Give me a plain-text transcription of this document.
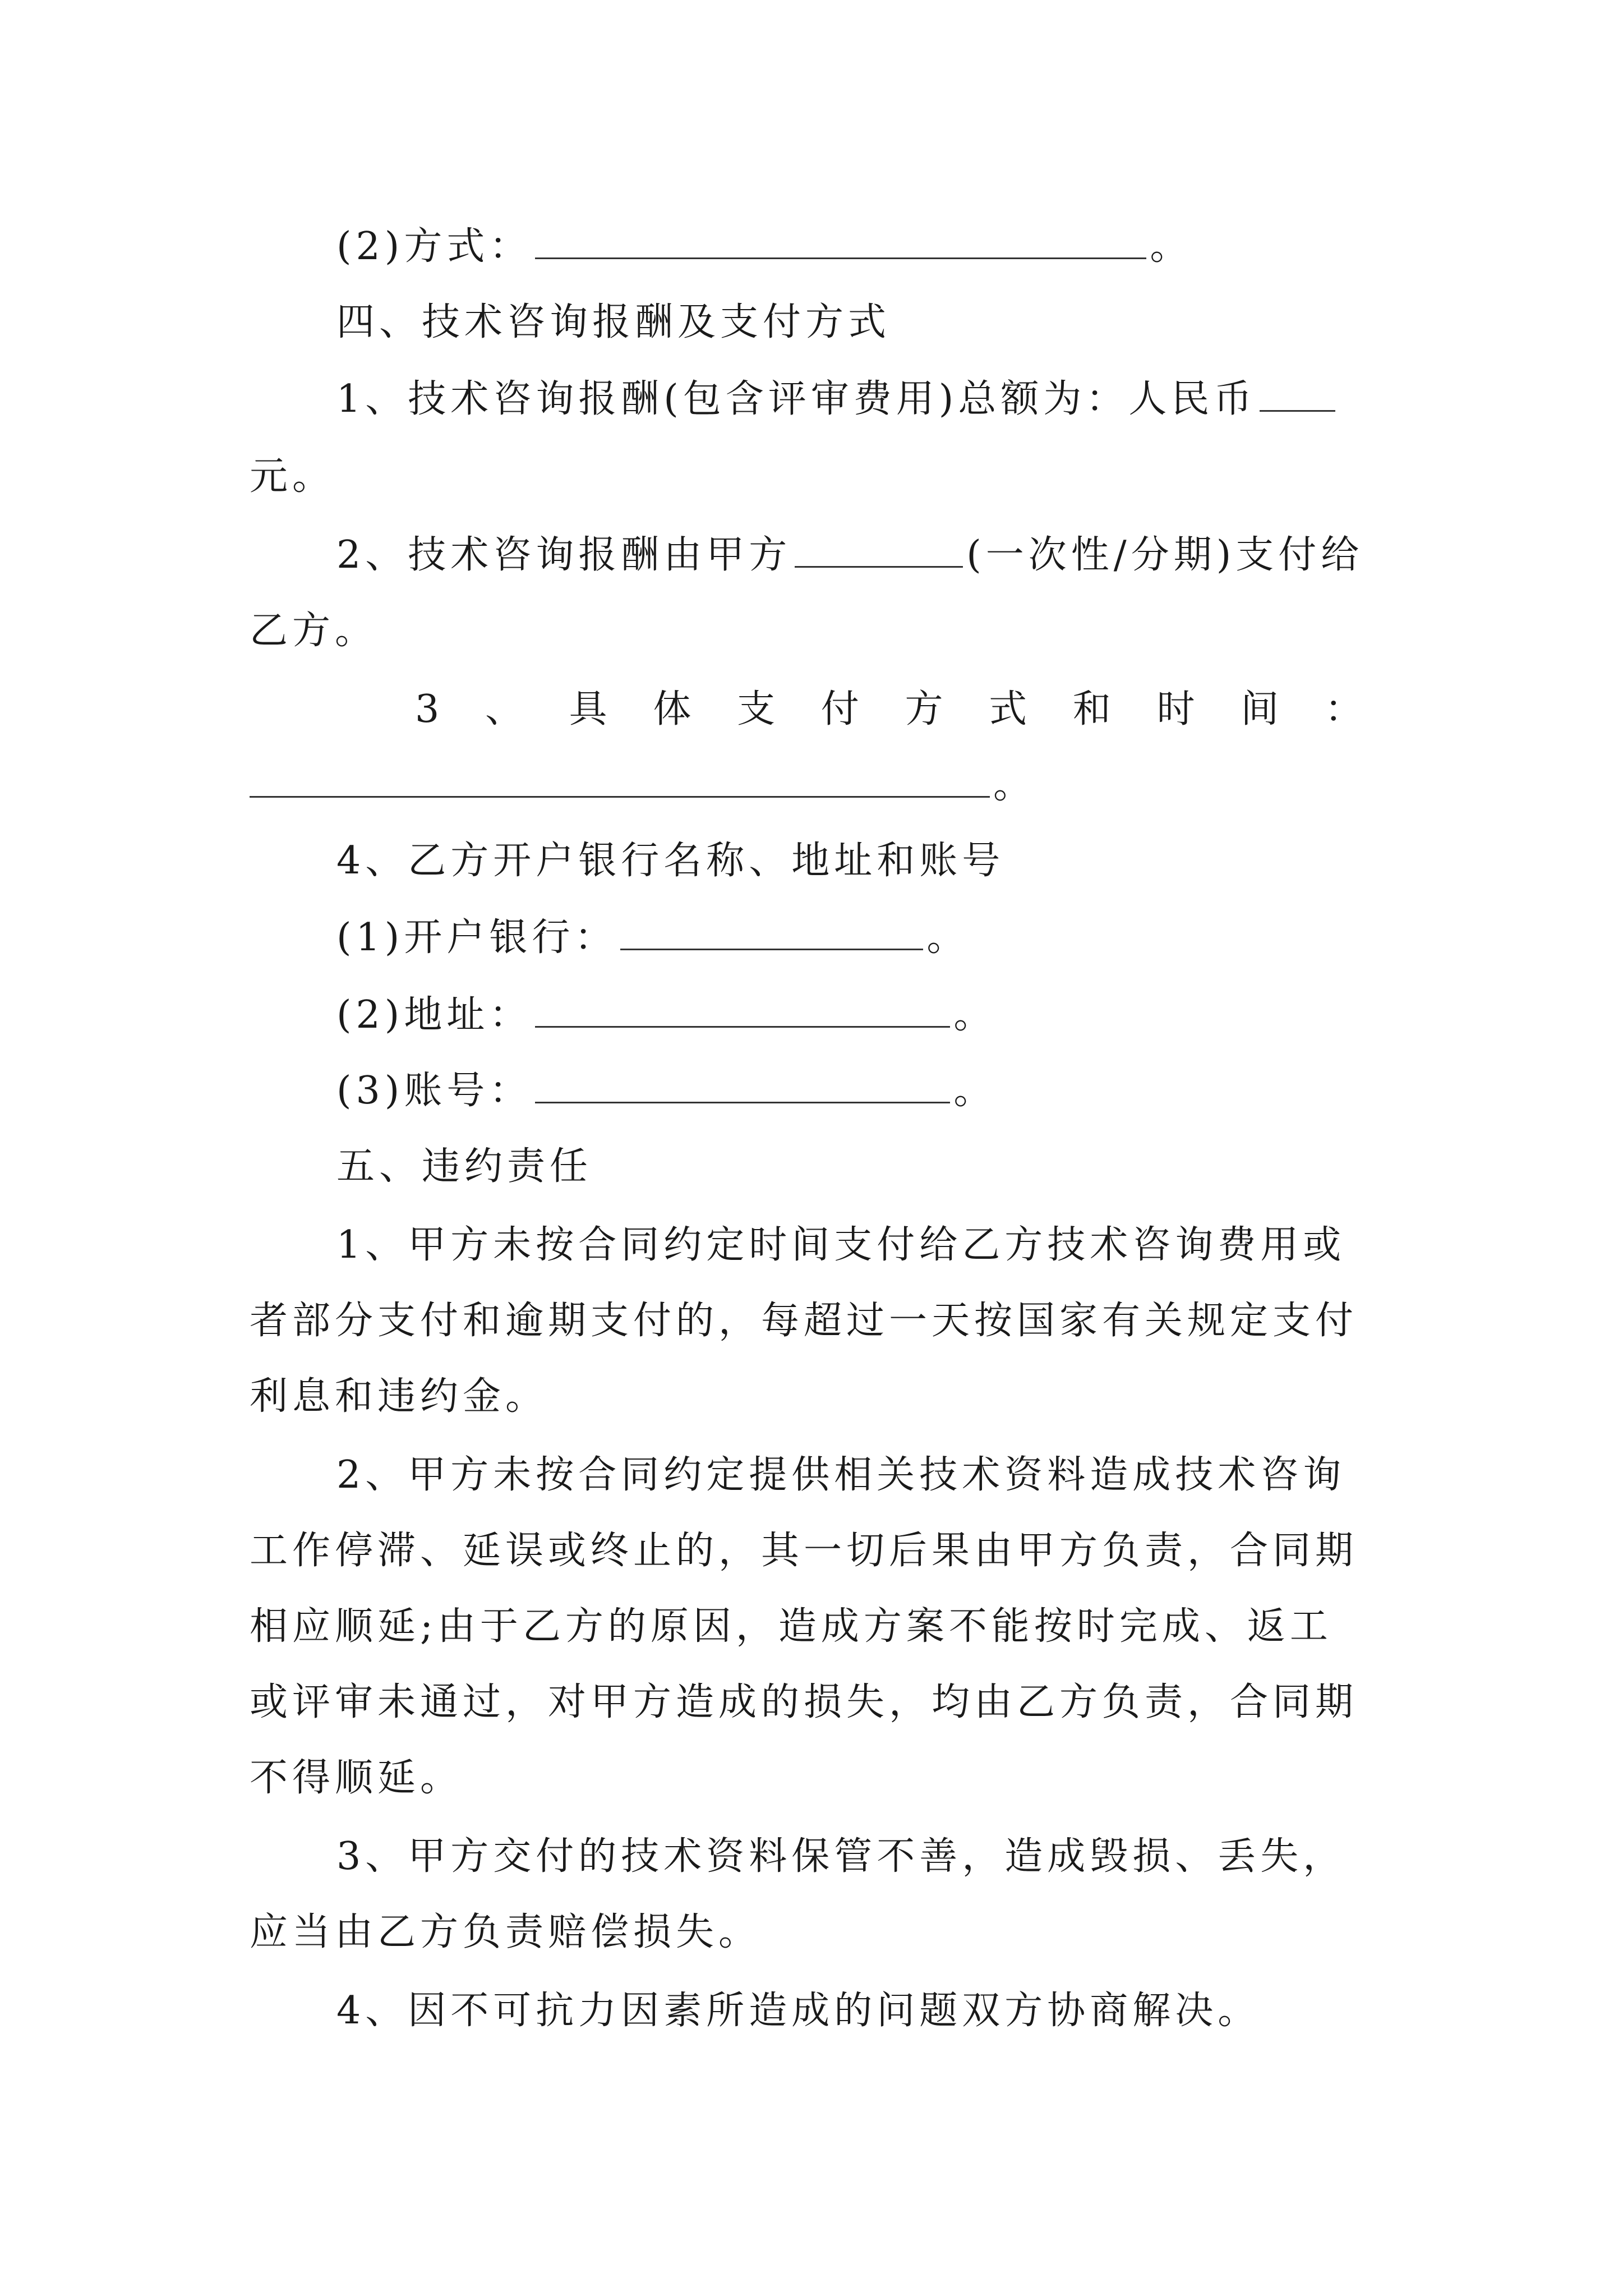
(2)方式：	。
四、技术咨询报酬及支付方式
1、技术咨询报酬(包含评审费用)总额为：人民币
元。
2、技术咨询报酬由甲方	(一次性/分期)支付给
乙方。
3 、 具 体 支 付 方 式 和 时 间 ：
。
4、乙方开户银行名称、地址和账号
(1)开户银行：	。
(2)地址：	。
(3)账号：	。
五、违约责任
1、甲方未按合同约定时间支付给乙方技术咨询费用或
者部分支付和逾期支付的，每超过一天按国家有关规定支付
利息和违约金。
2、甲方未按合同约定提供相关技术资料造成技术咨询
工作停滞、延误或终止的，其一切后果由甲方负责，合同期
相应顺延;由于乙方的原因，造成方案不能按时完成、返工
或评审未通过，对甲方造成的损失，均由乙方负责，合同期
不得顺延。
3、甲方交付的技术资料保管不善，造成毁损、丢失，
应当由乙方负责赔偿损失。
4、因不可抗力因素所造成的问题双方协商解决。
